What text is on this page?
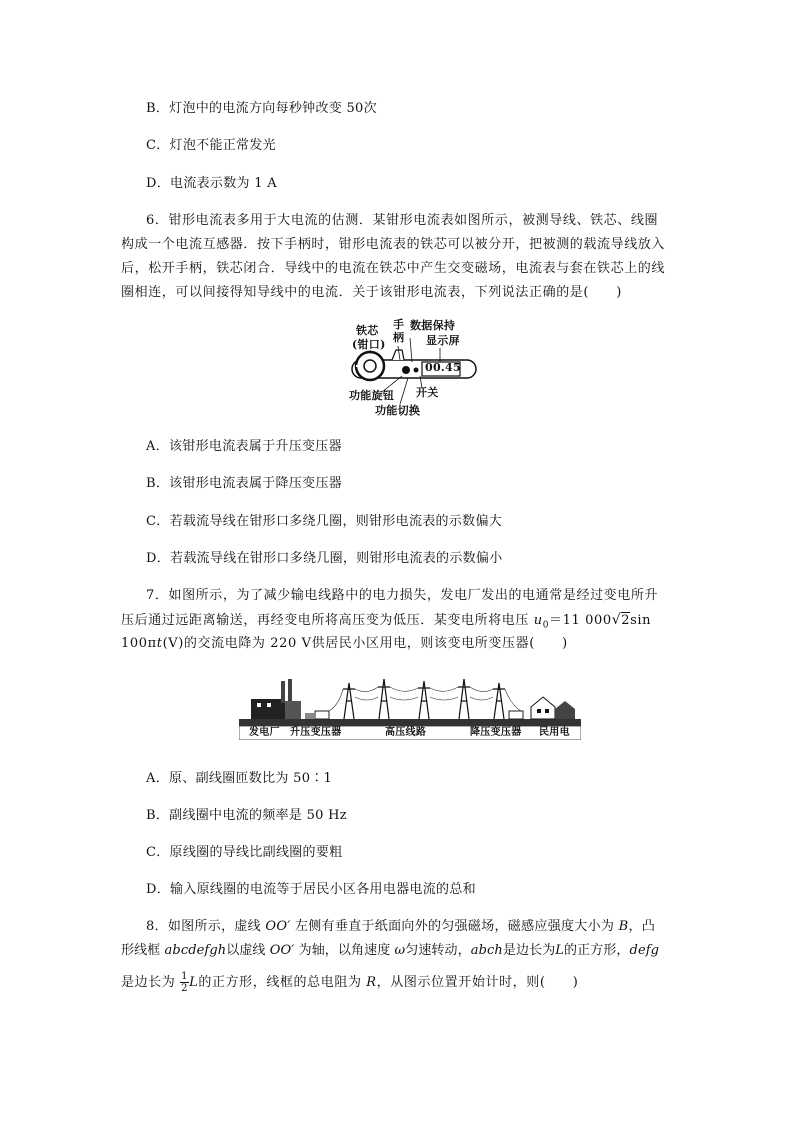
B．灯泡中的电流方向每秒钟改变 50次
C．灯泡不能正常发光
D．电流表示数为 1 A
6．钳形电流表多用于大电流的估测．某钳形电流表如图所示，被测导线、铁芯、线圈
构成一个电流互感器．按下手柄时，钳形电流表的铁芯可以被分开，把被测的载流导线放入
后，松开手柄，铁芯闭合．导线中的电流在铁芯中产生交变磁场，电流表与套在铁芯上的线
圈相连，可以间接得知导线中的电流．关于该钳形电流表，下列说法正确的是(　　)
铁芯
(钳口)
手
柄
数据保持
显示屏
00.45
开关
功能旋钮
功能切换
A．该钳形电流表属于升压变压器
B．该钳形电流表属于降压变压器
C．若载流导线在钳形口多绕几圈，则钳形电流表的示数偏大
D．若载流导线在钳形口多绕几圈，则钳形电流表的示数偏小
7．如图所示，为了减少输电线路中的电力损失，发电厂发出的电通常是经过变电所升
压后通过远距离输送，再经变电所将高压变为低压．某变电所将电压 $u_0=11$ 000√2sin
100πt(V)的交流电降为 220 V供居民小区用电，则该变电所变压器(　　)
发电厂 升压变压器	高压线路	降压变压器 民用电
A．原、副线圈匝数比为 50∶1
B．副线圈中电流的频率是 50 Hz
C．原线圈的导线比副线圈的要粗
D．输入原线圈的电流等于居民小区各用电器电流的总和
8．如图所示，虚线 OO′ 左侧有垂直于纸面向外的匀强磁场，磁感应强度大小为 B，凸
形线框 abcdefgh以虚线 OO′ 为轴，以角速度 ω匀速转动，abch是边长为L的正方形，defg
是边长为 $\frac{1}{2}$ L的正方形，线框的总电阻为 R，从图示位置开始计时，则(　　)
